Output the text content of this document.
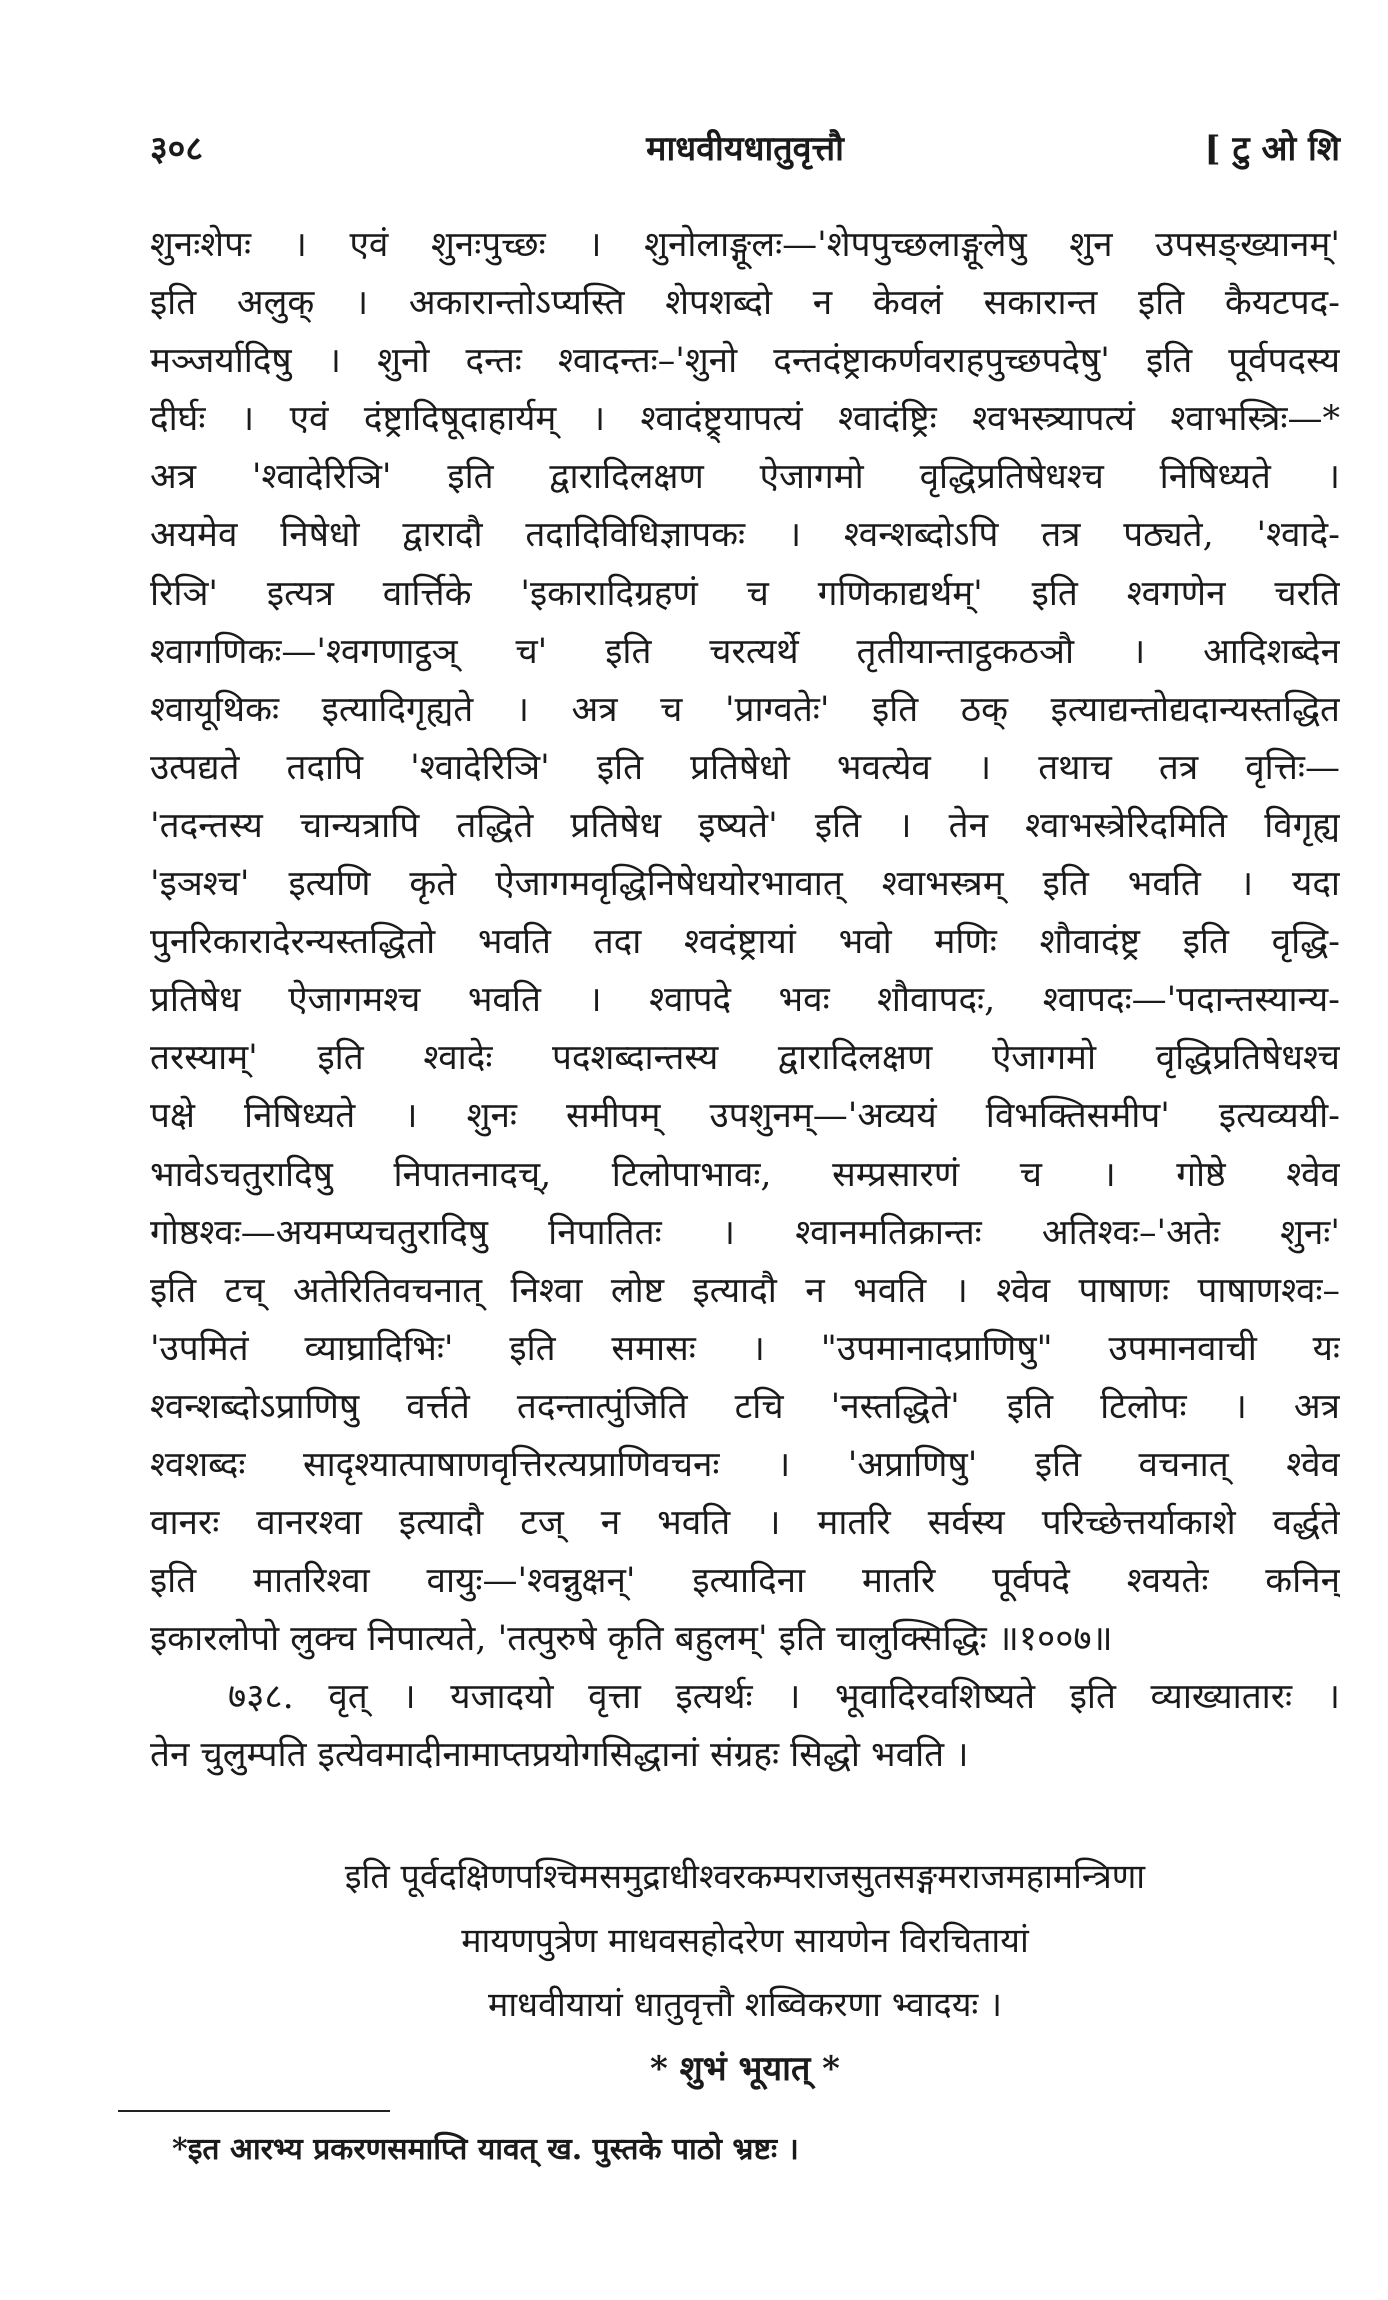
३०८	माधवीयधातुवृत्तौ	[ टु ओ शि
शुनःशेपः । एवं शुनःपुच्छः । शुनोलाङ्गूलः—'शेपपुच्छलाङ्गूलेषु शुन उपसङ्ख्यानम्'
इति अलुक् । अकारान्तोऽप्यस्ति शेपशब्दो न केवलं सकारान्त इति कैयटपद-
मञ्जर्यादिषु । शुनो दन्तः श्वादन्तः–'शुनो दन्तदंष्ट्राकर्णवराहपुच्छपदेषु' इति पूर्वपदस्य
दीर्घः । एवं दंष्ट्रादिषूदाहार्यम् । श्वादंष्ट्र्यापत्यं श्वादंष्ट्रिः श्वभस्त्र्यापत्यं श्वाभस्त्रिः—*
अत्र 'श्वादेरिञि' इति द्वारादिलक्षण ऐजागमो वृद्धिप्रतिषेधश्च निषिध्यते ।
अयमेव निषेधो द्वारादौ तदादिविधिज्ञापकः । श्वन्शब्दोऽपि तत्र पठ्यते, 'श्वादे-
रिञि' इत्यत्र वार्त्तिके 'इकारादिग्रहणं च गणिकाद्यर्थम्' इति श्वगणेन चरति
श्वागणिकः—'श्वगणाट्ठञ् च' इति चरत्यर्थे तृतीयान्ताट्ठकठञौ । आदिशब्देन
श्वायूथिकः इत्यादिगृह्यते । अत्र च 'प्राग्वतेः' इति ठक् इत्याद्यन्तोद्यदान्यस्तद्धित
उत्पद्यते तदापि 'श्वादेरिञि' इति प्रतिषेधो भवत्येव । तथाच तत्र वृत्तिः—
'तदन्तस्य चान्यत्रापि तद्धिते प्रतिषेध इष्यते' इति । तेन श्वाभस्त्रेरिदमिति विगृह्य
'इञश्च' इत्यणि कृते ऐजागमवृद्धिनिषेधयोरभावात् श्वाभस्त्रम् इति भवति । यदा
पुनरिकारादेरन्यस्तद्धितो भवति तदा श्वदंष्ट्रायां भवो मणिः शौवादंष्ट्र इति वृद्धि-
प्रतिषेध ऐजागमश्च भवति । श्वापदे भवः शौवापदः, श्वापदः—'पदान्तस्यान्य-
तरस्याम्' इति श्वादेः पदशब्दान्तस्य द्वारादिलक्षण ऐजागमो वृद्धिप्रतिषेधश्च
पक्षे निषिध्यते । शुनः समीपम् उपशुनम्—'अव्ययं विभक्तिसमीप' इत्यव्ययी-
भावेऽचतुरादिषु निपातनादच्, टिलोपाभावः, सम्प्रसारणं च । गोष्ठे श्वेव
गोष्ठश्वः—अयमप्यचतुरादिषु निपातितः । श्वानमतिक्रान्तः अतिश्वः–'अतेः शुनः'
इति टच् अतेरितिवचनात् निश्वा लोष्ट इत्यादौ न भवति । श्वेव पाषाणः पाषाणश्वः–
'उपमितं व्याघ्रादिभिः' इति समासः । "उपमानादप्राणिषु" उपमानवाची यः
श्वन्शब्दोऽप्राणिषु वर्त्तते तदन्तात्पुंजिति टचि 'नस्तद्धिते' इति टिलोपः । अत्र
श्वशब्दः सादृश्यात्पाषाणवृत्तिरत्यप्राणिवचनः । 'अप्राणिषु' इति वचनात् श्वेव
वानरः वानरश्वा इत्यादौ टज् न भवति । मातरि सर्वस्य परिच्छेत्तर्याकाशे वर्द्धते
इति मातरिश्वा वायुः—'श्वन्नुक्षन्' इत्यादिना मातरि पूर्वपदे श्वयतेः कनिन्
इकारलोपो लुक्च निपात्यते, 'तत्पुरुषे कृति बहुलम्' इति चालुक्सिद्धिः ॥१००७॥
७३८. वृत् । यजादयो वृत्ता इत्यर्थः । भूवादिरवशिष्यते इति व्याख्यातारः ।
तेन चुलुम्पति इत्येवमादीनामाप्तप्रयोगसिद्धानां संग्रहः सिद्धो भवति ।
इति पूर्वदक्षिणपश्चिमसमुद्राधीश्वरकम्पराजसुतसङ्गमराजमहामन्त्रिणा
मायणपुत्रेण माधवसहोदरेण सायणेन विरचितायां
माधवीयायां धातुवृत्तौ शब्विकरणा भ्वादयः ।
* शुभं भूयात् *
*इत आरभ्य प्रकरणसमाप्ति यावत् ख. पुस्तके पाठो भ्रष्टः ।
